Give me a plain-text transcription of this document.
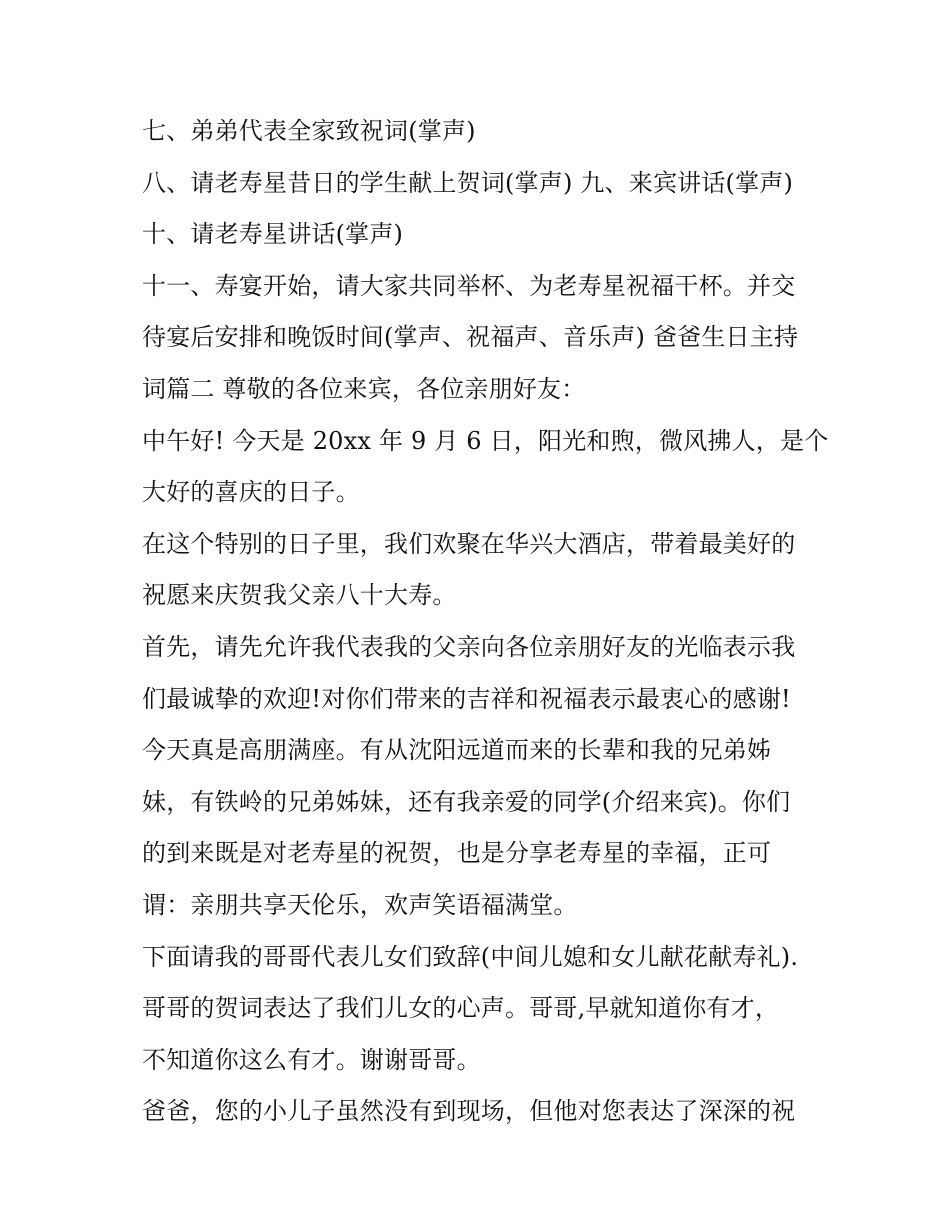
七、弟弟代表全家致祝词(掌声)
八、请老寿星昔日的学生献上贺词(掌声) 九、来宾讲话(掌声)
十、请老寿星讲话(掌声)
十一、寿宴开始，请大家共同举杯、为老寿星祝福干杯。并交
待宴后安排和晚饭时间(掌声、祝福声、音乐声) 爸爸生日主持
词篇二 尊敬的各位来宾，各位亲朋好友：
中午好! 今天是 20xx 年 9 月 6 日，阳光和煦，微风拂人，是个
大好的喜庆的日子。
在这个特别的日子里，我们欢聚在华兴大酒店，带着最美好的
祝愿来庆贺我父亲八十大寿。
首先，请先允许我代表我的父亲向各位亲朋好友的光临表示我
们最诚挚的欢迎!对你们带来的吉祥和祝福表示最衷心的感谢!
今天真是高朋满座。有从沈阳远道而来的长辈和我的兄弟姊
妹，有铁岭的兄弟姊妹，还有我亲爱的同学(介绍来宾)。你们
的到来既是对老寿星的祝贺，也是分享老寿星的幸福，正可
谓：亲朋共享天伦乐，欢声笑语福满堂。
下面请我的哥哥代表儿女们致辞(中间儿媳和女儿献花献寿礼).
哥哥的贺词表达了我们儿女的心声。哥哥,早就知道你有才，
不知道你这么有才。谢谢哥哥。
爸爸，您的小儿子虽然没有到现场，但他对您表达了深深的祝
